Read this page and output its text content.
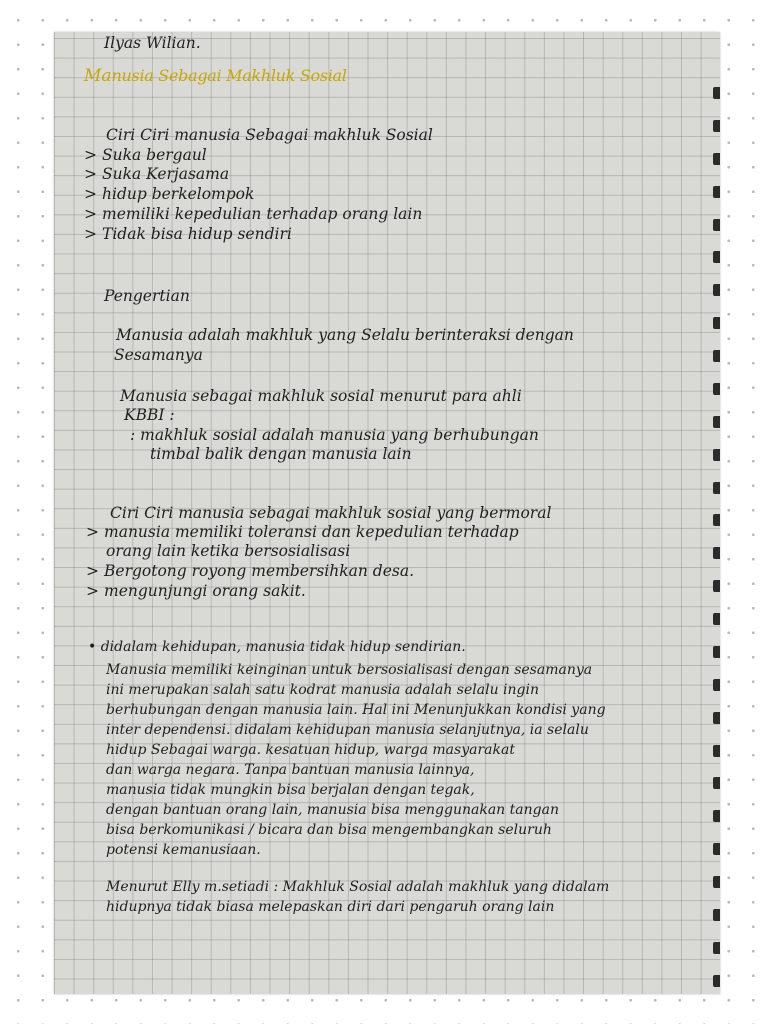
Ilyas Wilian.
Manusia Sebagai Makhluk Sosial
Ciri Ciri manusia Sebagai makhluk Sosial
> Suka bergaul
> Suka Kerjasama
> hidup berkelompok
> memiliki kepedulian terhadap orang lain
> Tidak bisa hidup sendiri
Pengertian
Manusia adalah makhluk yang Selalu berinteraksi dengan
Sesamanya
Manusia sebagai makhluk sosial menurut para ahli
KBBI :
: makhluk sosial adalah manusia yang berhubungan
timbal balik dengan manusia lain
Ciri Ciri manusia sebagai makhluk sosial yang bermoral
> manusia memiliki toleransi dan kepedulian terhadap
orang lain ketika bersosialisasi
> Bergotong royong membersihkan desa.
> mengunjungi orang sakit.
• didalam kehidupan, manusia tidak hidup sendirian.
Manusia memiliki keinginan untuk bersosialisasi dengan sesamanya
ini merupakan salah satu kodrat manusia adalah selalu ingin
berhubungan dengan manusia lain. Hal ini Menunjukkan kondisi yang
inter dependensi. didalam kehidupan manusia selanjutnya, ia selalu
hidup Sebagai warga. kesatuan hidup, warga masyarakat
dan warga negara. Tanpa bantuan manusia lainnya,
manusia tidak mungkin bisa berjalan dengan tegak,
dengan bantuan orang lain, manusia bisa menggunakan tangan
bisa berkomunikasi / bicara dan bisa mengembangkan seluruh
potensi kemanusiaan.
Menurut Elly m.setiadi : Makhluk Sosial adalah makhluk yang didalam
hidupnya tidak biasa melepaskan diri dari pengaruh orang lain
